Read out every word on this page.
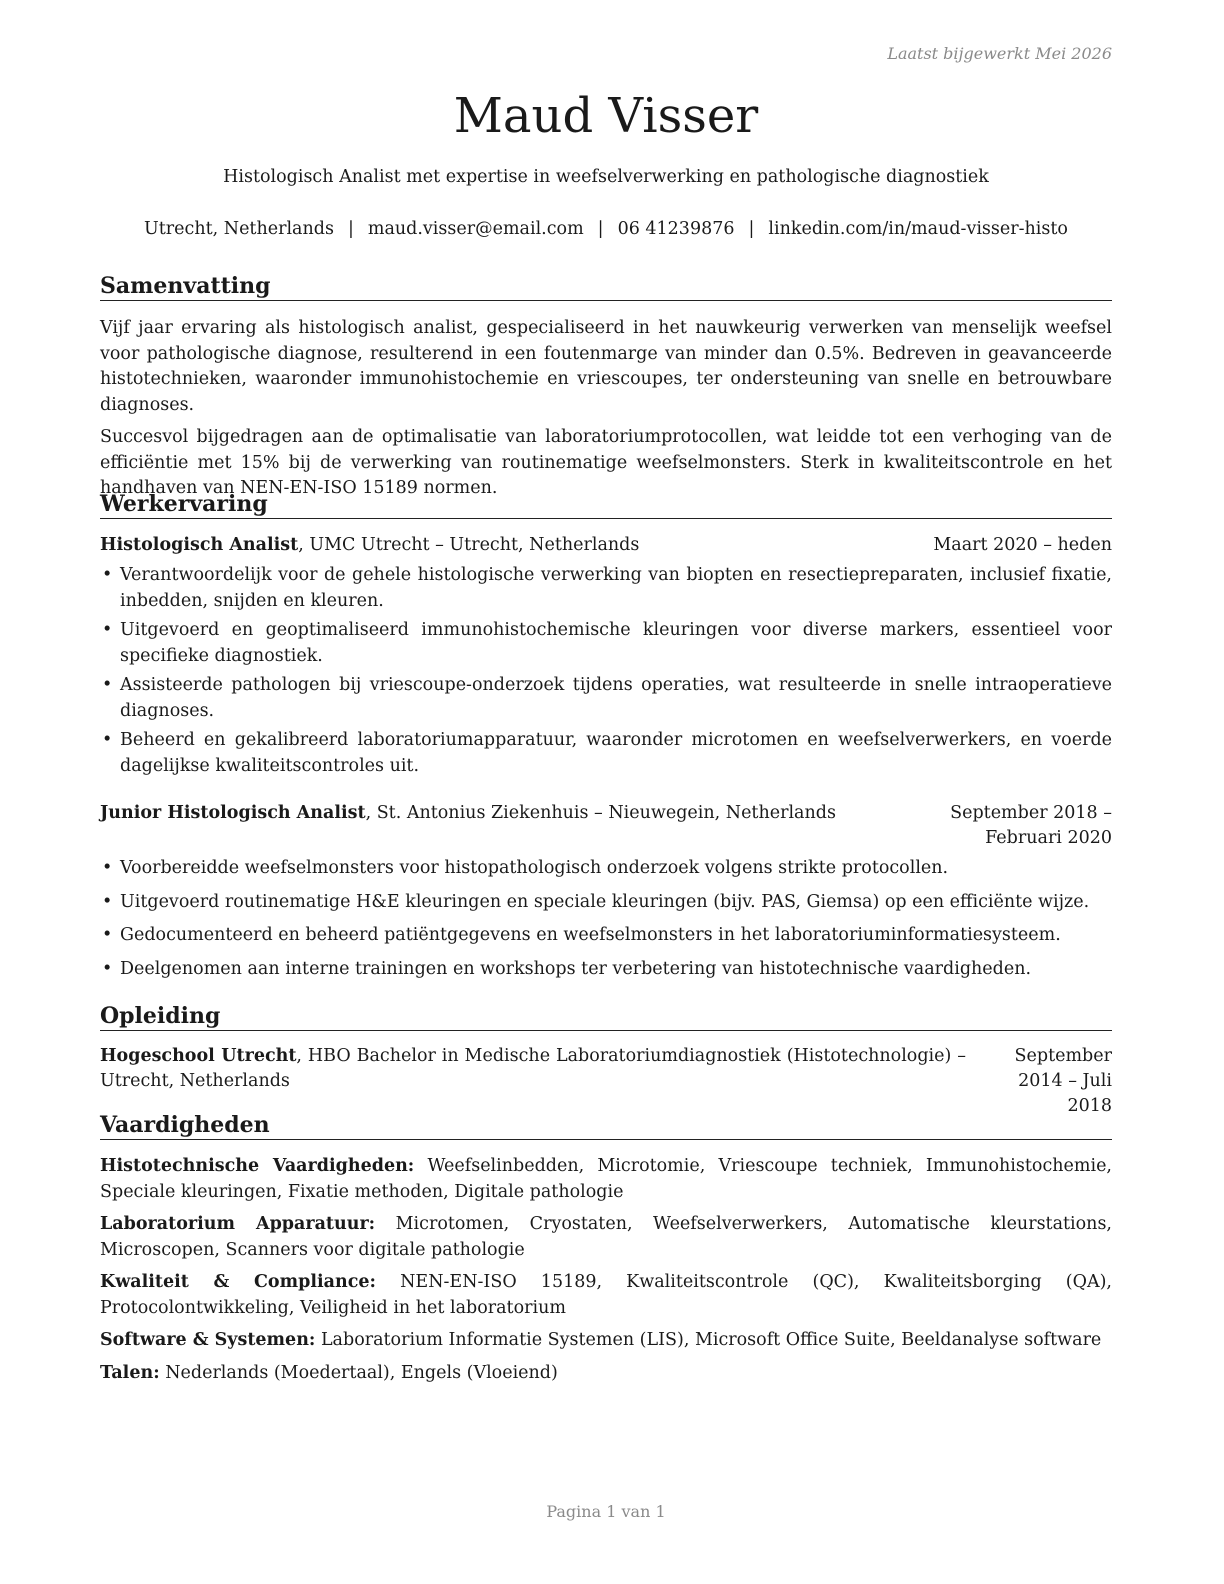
Laatst bijgewerkt Mei 2026
Maud Visser
Histologisch Analist met expertise in weefselverwerking en pathologische diagnostiek
Utrecht, Netherlands | maud.visser@email.com | 06 41239876 | linkedin.com/in/maud-visser-histo
Samenvatting

Vijf jaar ervaring als histologisch analist, gespecialiseerd in het nauwkeurig verwerken van menselijk weefsel voor pathologische diagnose, resulterend in een foutenmarge van minder dan 0.5%. Bedreven in geavanceerde histotechnieken, waaronder immunohistochemie en vriescoupes, ter ondersteuning van snelle en betrouwbare diagnoses.

Succesvol bijgedragen aan de optimalisatie van laboratoriumprotocollen, wat leidde tot een verhoging van de efficiëntie met 15% bij de verwerking van routinematige weefselmonsters. Sterk in kwaliteitscontrole en het handhaven van NEN-EN-ISO 15189 normen.

Werkervaring
Histologisch Analist, UMC Utrecht – Utrecht, Netherlands	Maart 2020 – heden
• Verantwoordelijk voor de gehele histologische verwerking van biopten en resectiepreparaten, inclusief fixatie, inbedden, snijden en kleuren.
• Uitgevoerd en geoptimaliseerd immunohistochemische kleuringen voor diverse markers, essentieel voor specifieke diagnostiek.
• Assisteerde pathologen bij vriescoupe-onderzoek tijdens operaties, wat resulteerde in snelle intraoperatieve diagnoses.
• Beheerd en gekalibreerd laboratoriumapparatuur, waaronder microtomen en weefselverwerkers, en voerde dagelijkse kwaliteitscontroles uit.
Junior Histologisch Analist, St. Antonius Ziekenhuis – Nieuwegein, Netherlands	September 2018 – Februari 2020
• Voorbereidde weefselmonsters voor histopathologisch onderzoek volgens strikte protocollen.
• Uitgevoerd routinematige H&E kleuringen en speciale kleuringen (bijv. PAS, Giemsa) op een efficiënte wijze.
• Gedocumenteerd en beheerd patiëntgegevens en weefselmonsters in het laboratoriuminformatiesysteem.
• Deelgenomen aan interne trainingen en workshops ter verbetering van histotechnische vaardigheden.
Opleiding
Hogeschool Utrecht, HBO Bachelor in Medische Laboratoriumdiagnostiek (Histotechnologie) – Utrecht, Netherlands
September 2014 – Juli 2018
Vaardigheden
Histotechnische Vaardigheden: Weefselinbedden, Microtomie, Vriescoupe techniek, Immunohistochemie, Speciale kleuringen, Fixatie methoden, Digitale pathologie
Laboratorium Apparatuur: Microtomen, Cryostaten, Weefselverwerkers, Automatische kleurstations, Microscopen, Scanners voor digitale pathologie
Kwaliteit & Compliance: NEN-EN-ISO 15189, Kwaliteitscontrole (QC), Kwaliteitsborging (QA), Protocolontwikkeling, Veiligheid in het laboratorium
Software & Systemen: Laboratorium Informatie Systemen (LIS), Microsoft Office Suite, Beeldanalyse software
Talen: Nederlands (Moedertaal), Engels (Vloeiend)
Pagina 1 van 1
